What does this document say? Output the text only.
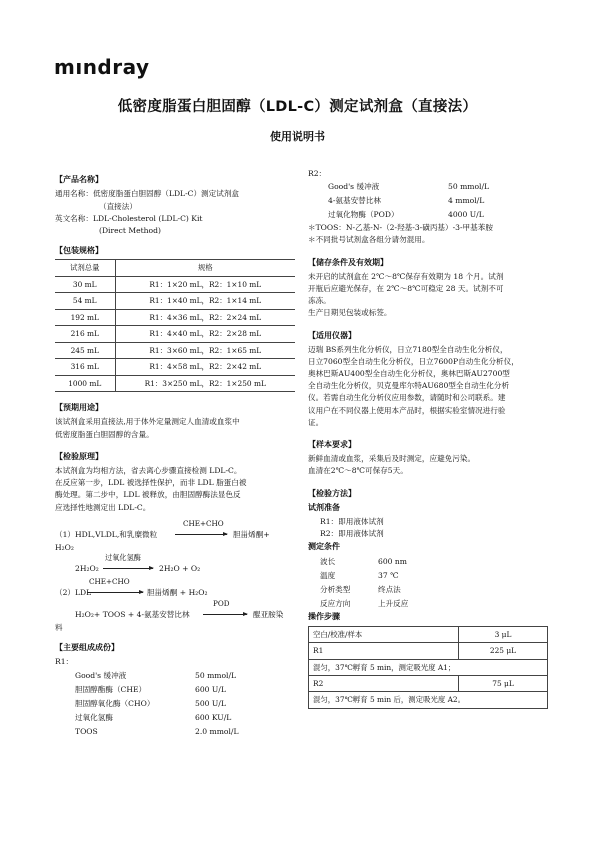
mındray
低密度脂蛋白胆固醇（LDL-C）测定试剂盒（直接法）
使用说明书
【产品名称】
通用名称：低密度脂蛋白胆固醇（LDL-C）测定试剂盒
（直接法）
英文名称：LDL-Cholesterol (LDL-C) Kit
(Direct Method)
【包装规格】
试剂总量	规格
30 mL	R1：1×20 mL，R2：1×10 mL
54 mL	R1：1×40 mL，R2：1×14 mL
192 mL	R1：4×36 mL，R2：2×24 mL
216 mL	R1：4×40 mL，R2：2×28 mL
245 mL	R1：3×60 mL，R2：1×65 mL
316 mL	R1：4×58 mL，R2：2×42 mL
1000 mL	R1：3×250 mL，R2：1×250 mL
【预期用途】
该试剂盒采用直接法,用于体外定量测定人血清或血浆中
低密度脂蛋白胆固醇的含量。
【检验原理】
本试剂盒为均相方法，省去离心步骤直接检测 LDL-C。
在反应第一步，LDL 被选择性保护，而非 LDL 脂蛋白被
酶处理。第二步中，LDL 被释放，由胆固醇酶法显色反
应选择性地测定出 LDL-C。
CHE+CHO
（1）HDL,VLDL,和乳糜微粒	胆甾烯酮+
H₂O₂
过氧化氢酶
2H₂O₂	2H₂O + O₂
CHE+CHO
（2）LDL	胆甾烯酮 + H₂O₂
POD
H₂O₂+ TOOS + 4-氨基安替比林	醌亚胺染
料
【主要组成成份】
R1：
Good's 缓冲液	50 mmol/L
胆固醇酯酶（CHE）	600 U/L
胆固醇氧化酶（CHO）	500 U/L
过氧化氢酶	600 KU/L
TOOS	2.0 mmol/L
R2：
Good's 缓冲液	50 mmol/L
4-氨基安替比林	4 mmol/L
过氧化物酶（POD）	4000 U/L
＊TOOS：N-乙基-N-（2-羟基-3-磺丙基）-3-甲基苯胺
＊不同批号试剂盒各组分请勿混用。
【储存条件及有效期】
未开启的试剂盒在 2℃～8℃保存有效期为 18 个月。试剂
开瓶后应避光保存，在 2℃～8℃可稳定 28 天。试剂不可
冻冻。
生产日期见包装或标签。
【适用仪器】
迈瑞 BS系列生化分析仪，日立7180型全自动生化分析仪，
日立7060型全自动生化分析仪，日立7600P自动生化分析仪，
奥林巴斯AU400型全自动生化分析仪，奥林巴斯AU2700型
全自动生化分析仪，贝克曼库尔特AU680型全自动生化分析
仪。若需自动生化分析仪应用参数，请随时和公司联系。建
议用户在不同仪器上使用本产品时，根据实验室情况进行验
证。
【样本要求】
新鲜血清或血浆，采集后及时测定，应避免污染。
血清在2℃～8℃可保存5天。
【检验方法】
试剂准备
R1：即用液体试剂
R2：即用液体试剂
测定条件
波长	600 nm
温度	37 ℃
分析类型	终点法
反应方向	上升反应
操作步骤
空白/校准/样本	3 μL
R1	225 μL
混匀，37℃孵育 5 min，测定吸光度 A1；	
R2	75 μL
混匀，37℃孵育 5 min 后，测定吸光度 A2。	
